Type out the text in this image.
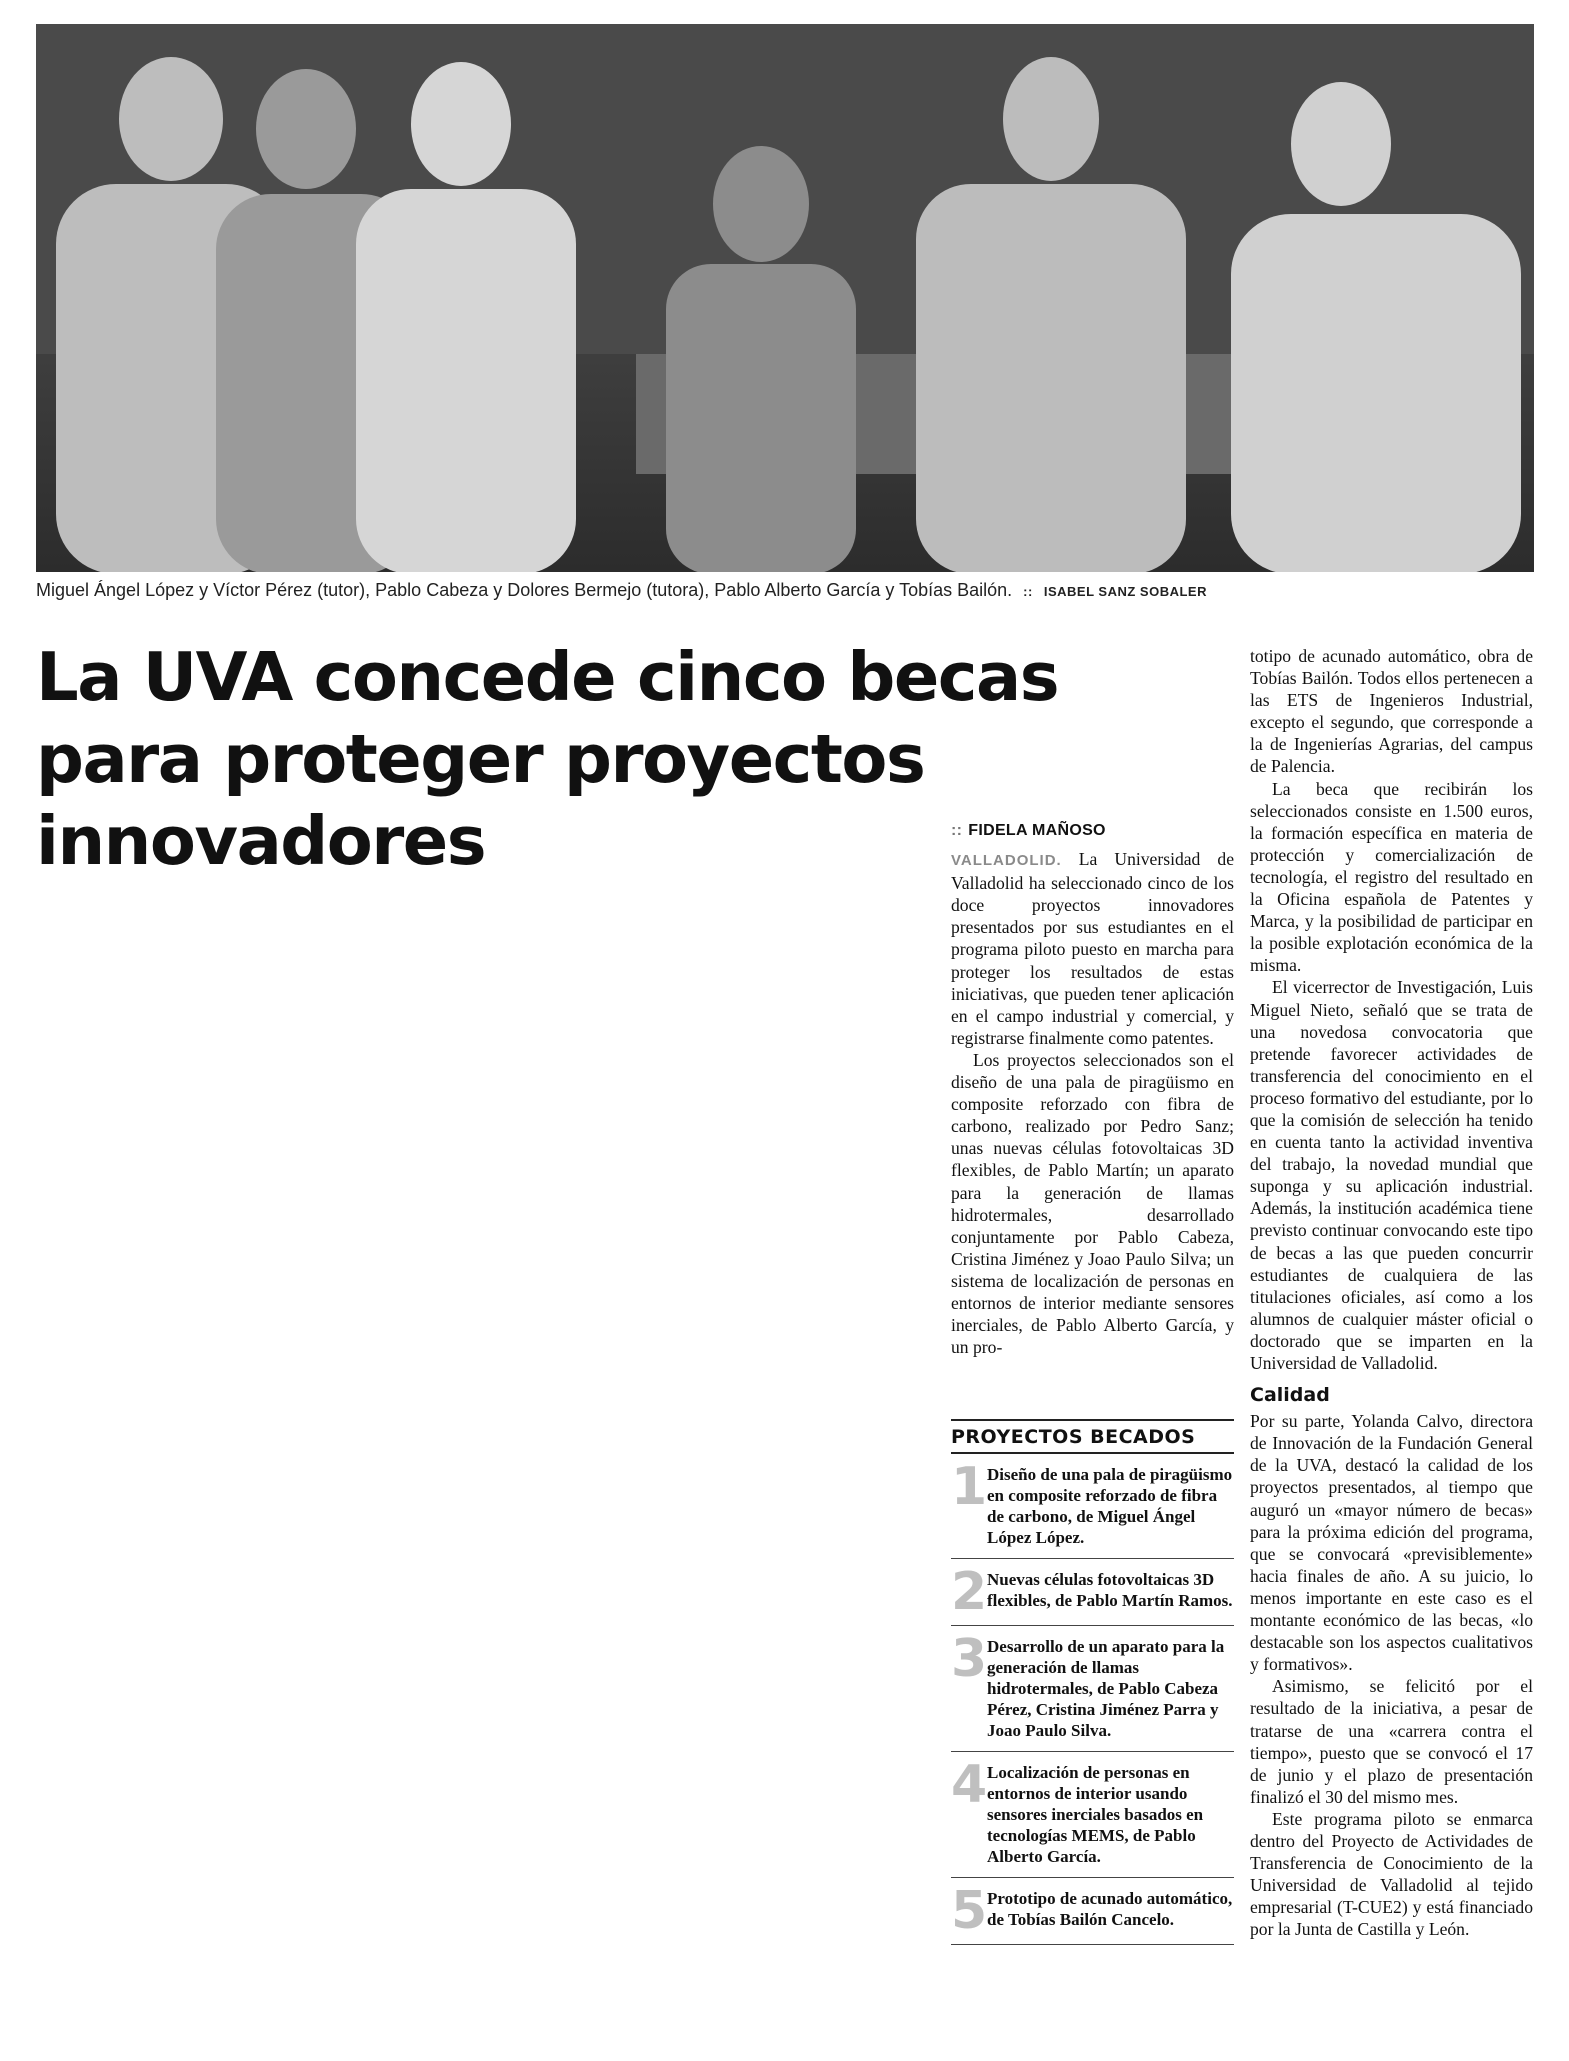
Miguel Ángel López y Víctor Pérez (tutor), Pablo Cabeza y Dolores Bermejo (tutora), Pablo Alberto García y Tobías Bailón. :: ISABEL SANZ SOBALER
La UVA concede cinco becas para proteger proyectos innovadores	:: FIDELA MAÑOSO

VALLADOLID. La Universidad de Valladolid ha seleccionado cinco de los doce proyectos innovadores presentados por sus estudiantes en el programa piloto puesto en marcha para proteger los resultados de estas iniciativas, que pueden tener aplicación en el campo industrial y comercial, y registrarse finalmente como patentes.

Los proyectos seleccionados son el diseño de una pala de piragüismo en composite reforzado con fibra de carbono, realizado por Pedro Sanz; unas nuevas células fotovoltaicas 3D flexibles, de Pablo Martín; un aparato para la generación de llamas hidrotermales, desarrollado conjuntamente por Pablo Cabeza, Cristina Jiménez y Joao Paulo Silva; un sistema de localización de personas en entornos de interior mediante sensores inerciales, de Pablo Alberto García, y un pro-

PROYECTOS BECADOS
1 Diseño de una pala de piragüismo en composite reforzado de fibra de carbono, de Miguel Ángel López López.
2 Nuevas células fotovoltaicas 3D flexibles, de Pablo Martín Ramos.
3 Desarrollo de un aparato para la generación de llamas hidrotermales, de Pablo Cabeza Pérez, Cristina Jiménez Parra y Joao Paulo Silva.
4 Localización de personas en entornos de interior usando sensores inerciales basados en tecnologías MEMS, de Pablo Alberto García.
5 Prototipo de acunado automático, de Tobías Bailón Cancelo.

totipo de acunado automático, obra de Tobías Bailón. Todos ellos pertenecen a las ETS de Ingenieros Industrial, excepto el segundo, que corresponde a la de Ingenierías Agrarias, del campus de Palencia.

La beca que recibirán los seleccionados consiste en 1.500 euros, la formación específica en materia de protección y comercialización de tecnología, el registro del resultado en la Oficina española de Patentes y Marca, y la posibilidad de participar en la posible explotación económica de la misma.

El vicerrector de Investigación, Luis Miguel Nieto, señaló que se trata de una novedosa convocatoria que pretende favorecer actividades de transferencia del conocimiento en el proceso formativo del estudiante, por lo que la comisión de selección ha tenido en cuenta tanto la actividad inventiva del trabajo, la novedad mundial que suponga y su aplicación industrial. Además, la institución académica tiene previsto continuar convocando este tipo de becas a las que pueden concurrir estudiantes de cualquiera de las titulaciones oficiales, así como a los alumnos de cualquier máster oficial o doctorado que se imparten en la Universidad de Valladolid.

Calidad

Por su parte, Yolanda Calvo, directora de Innovación de la Fundación General de la UVA, destacó la calidad de los proyectos presentados, al tiempo que auguró un «mayor número de becas» para la próxima edición del programa, que se convocará «previsiblemente» hacia finales de año. A su juicio, lo menos importante en este caso es el montante económico de las becas, «lo destacable son los aspectos cualitativos y formativos».

Asimismo, se felicitó por el resultado de la iniciativa, a pesar de tratarse de una «carrera contra el tiempo», puesto que se convocó el 17 de junio y el plazo de presentación finalizó el 30 del mismo mes.

Este programa piloto se enmarca dentro del Proyecto de Actividades de Transferencia de Conocimiento de la Universidad de Valladolid al tejido empresarial (T-CUE2) y está financiado por la Junta de Castilla y León.
